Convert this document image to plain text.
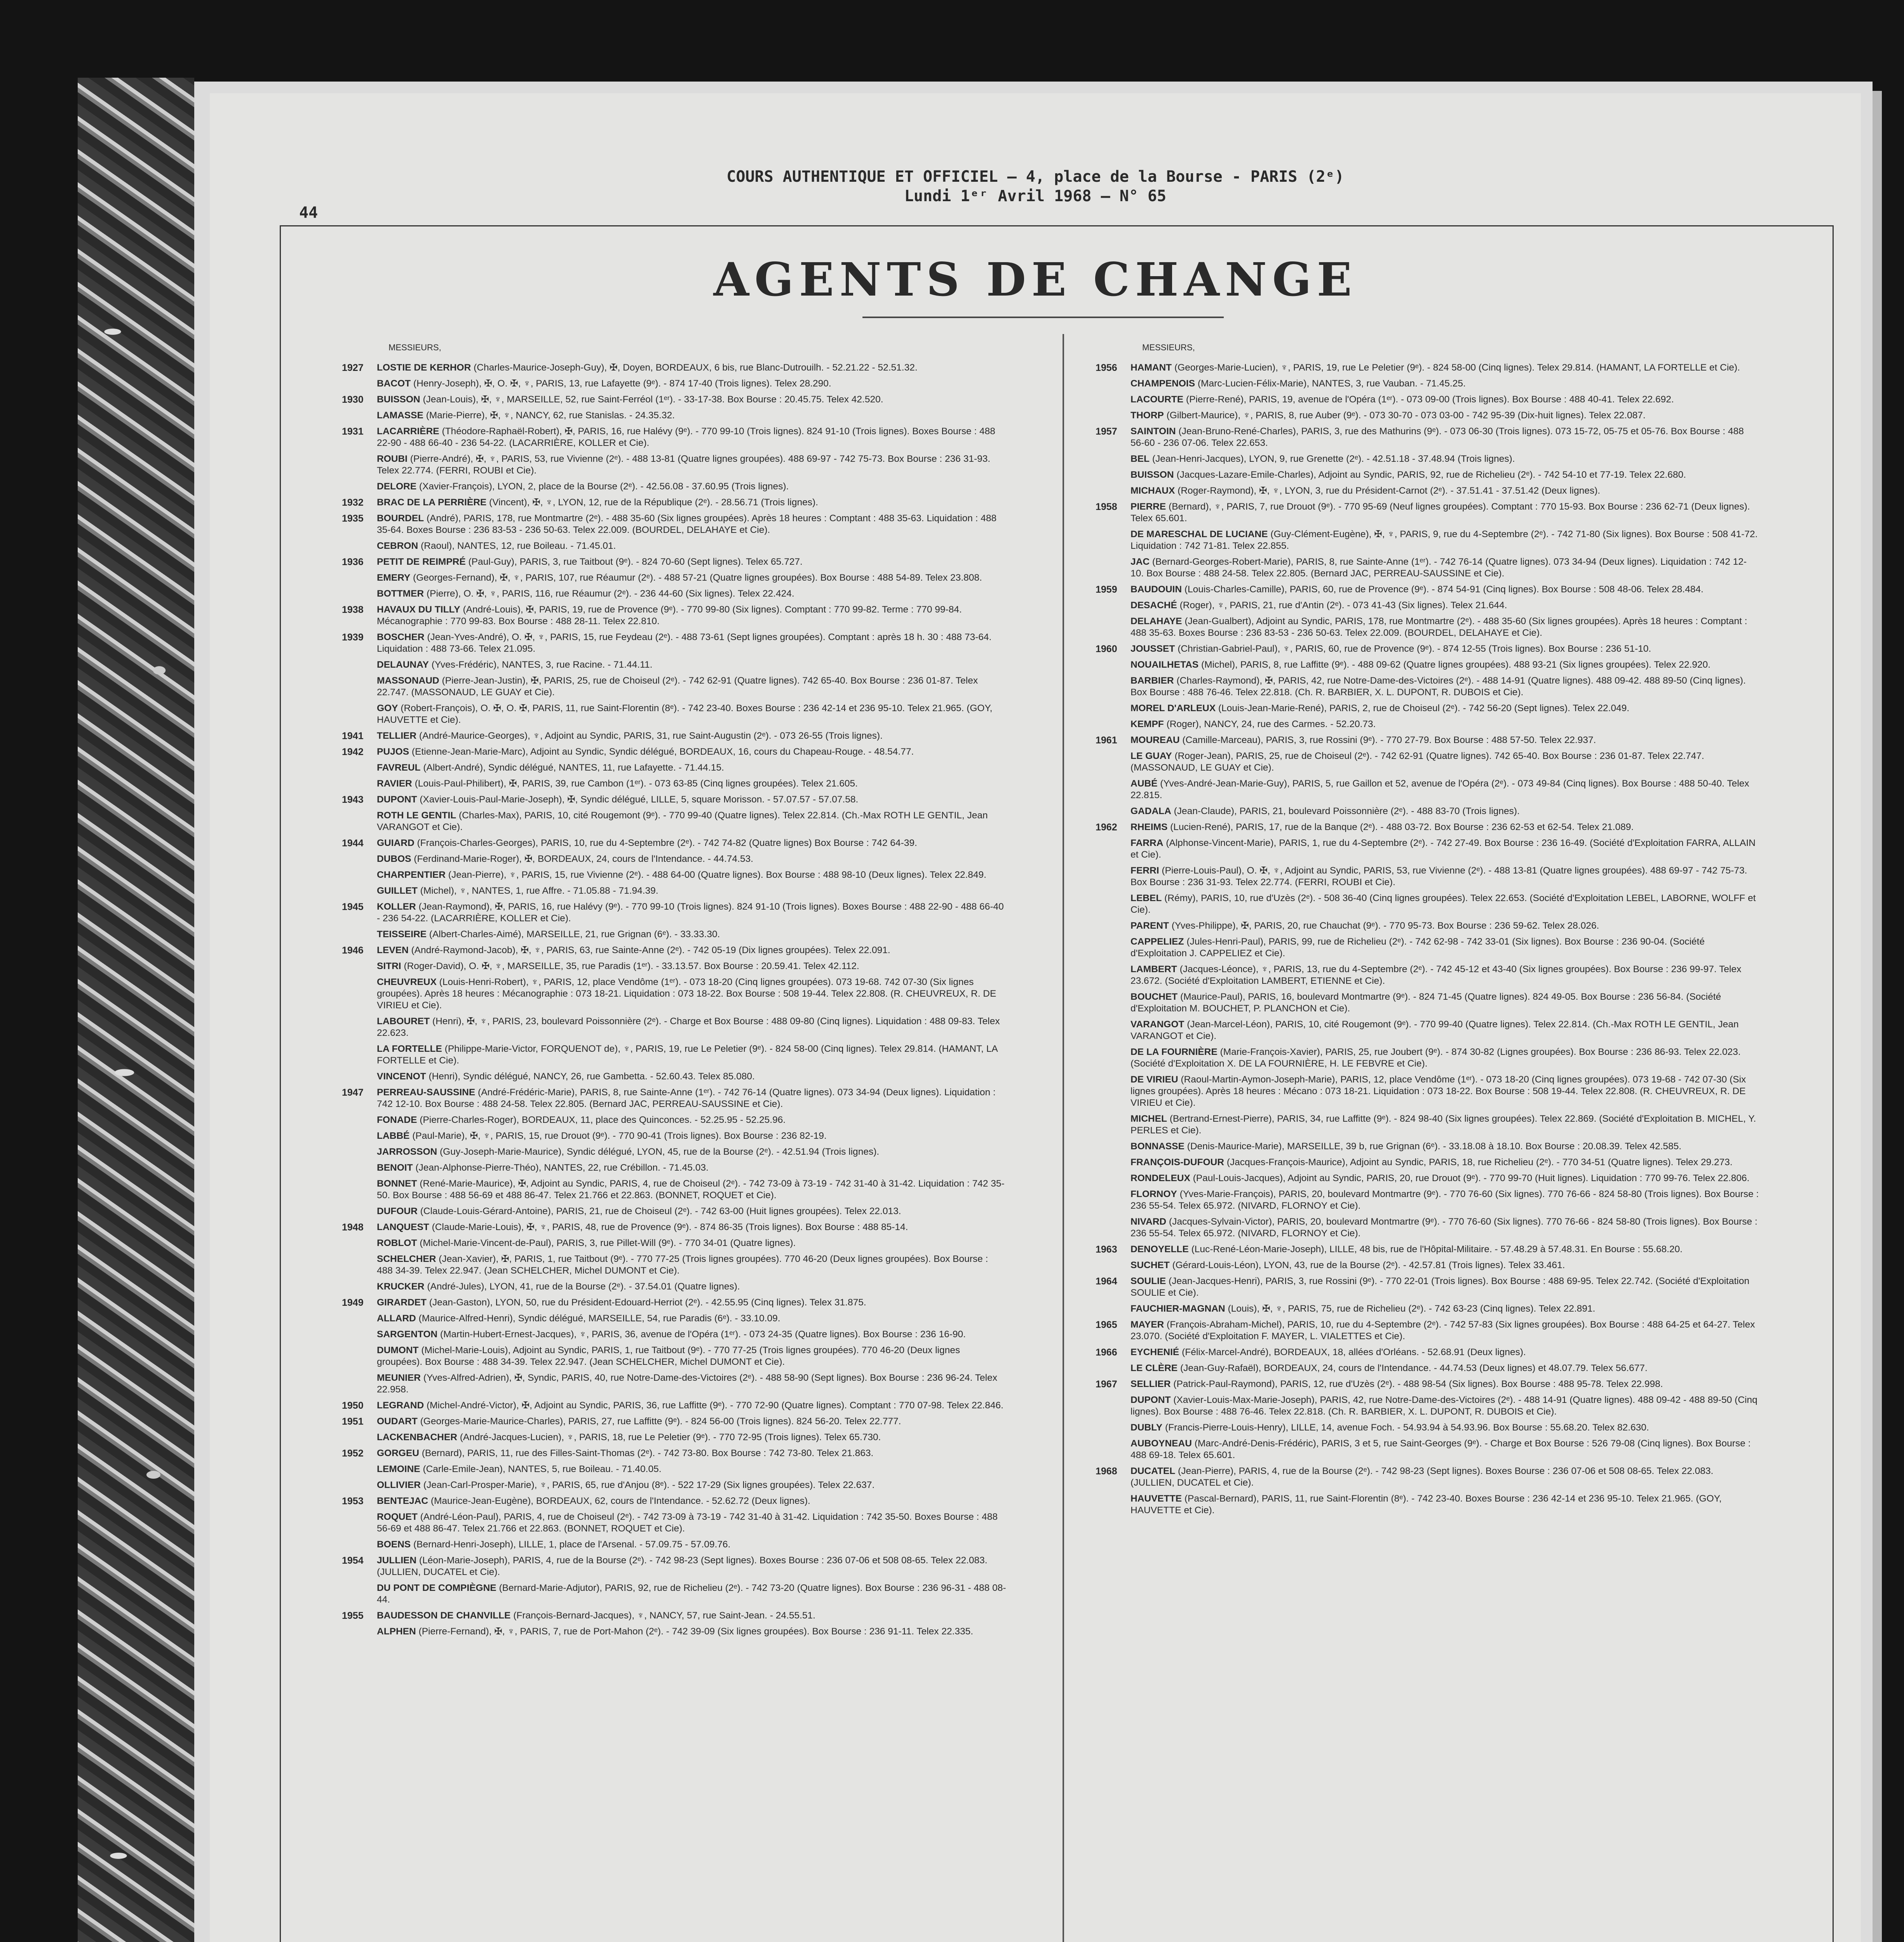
COURS AUTHENTIQUE ET OFFICIEL — 4, place de la Bourse - PARIS (2ᵉ)
Lundi 1ᵉʳ Avril 1968 — N° 65
44
AGENTS DE CHANGE
MESSIEURS,
1927 LOSTIE DE KERHOR (Charles-Maurice-Joseph-Guy), ✠, Doyen, BORDEAUX, 6 bis, rue Blanc-Dutrouilh. - 52.21.22 - 52.51.32.
BACOT (Henry-Joseph), ✠, O. ✠, ♆, PARIS, 13, rue Lafayette (9ᵉ). - 874 17-40 (Trois lignes). Telex 28.290.
1930 BUISSON (Jean-Louis), ✠, ♆, MARSEILLE, 52, rue Saint-Ferréol (1ᵉʳ). - 33-17-38. Box Bourse : 20.45.75. Telex 42.520.
LAMASSE (Marie-Pierre), ✠, ♆, NANCY, 62, rue Stanislas. - 24.35.32.
1931 LACARRIÈRE (Théodore-Raphaël-Robert), ✠, PARIS, 16, rue Halévy (9ᵉ). - 770 99-10 (Trois lignes). 824 91-10 (Trois lignes). Boxes Bourse : 488 22-90 - 488 66-40 - 236 54-22. (LACARRIÈRE, KOLLER et Cie).
ROUBI (Pierre-André), ✠, ♆, PARIS, 53, rue Vivienne (2ᵉ). - 488 13-81 (Quatre lignes groupées). 488 69-97 - 742 75-73. Box Bourse : 236 31-93. Telex 22.774. (FERRI, ROUBI et Cie).
DELORE (Xavier-François), LYON, 2, place de la Bourse (2ᵉ). - 42.56.08 - 37.60.95 (Trois lignes).
1932 BRAC DE LA PERRIÈRE (Vincent), ✠, ♆, LYON, 12, rue de la République (2ᵉ). - 28.56.71 (Trois lignes).
1935 BOURDEL (André), PARIS, 178, rue Montmartre (2ᵉ). - 488 35-60 (Six lignes groupées). Après 18 heures : Comptant : 488 35-63. Liquidation : 488 35-64. Boxes Bourse : 236 83-53 - 236 50-63. Telex 22.009. (BOURDEL, DELAHAYE et Cie).
CEBRON (Raoul), NANTES, 12, rue Boileau. - 71.45.01.
1936 PETIT DE REIMPRÉ (Paul-Guy), PARIS, 3, rue Taitbout (9ᵉ). - 824 70-60 (Sept lignes). Telex 65.727.
EMERY (Georges-Fernand), ✠, ♆, PARIS, 107, rue Réaumur (2ᵉ). - 488 57-21 (Quatre lignes groupées). Box Bourse : 488 54-89. Telex 23.808.
BOTTMER (Pierre), O. ✠, ♆, PARIS, 116, rue Réaumur (2ᵉ). - 236 44-60 (Six lignes). Telex 22.424.
1938 HAVAUX DU TILLY (André-Louis), ✠, PARIS, 19, rue de Provence (9ᵉ). - 770 99-80 (Six lignes). Comptant : 770 99-82. Terme : 770 99-84. Mécanographie : 770 99-83. Box Bourse : 488 28-11. Telex 22.810.
1939 BOSCHER (Jean-Yves-André), O. ✠, ♆, PARIS, 15, rue Feydeau (2ᵉ). - 488 73-61 (Sept lignes groupées). Comptant : après 18 h. 30 : 488 73-64. Liquidation : 488 73-66. Telex 21.095.
DELAUNAY (Yves-Frédéric), NANTES, 3, rue Racine. - 71.44.11.
MASSONAUD (Pierre-Jean-Justin), ✠, PARIS, 25, rue de Choiseul (2ᵉ). - 742 62-91 (Quatre lignes). 742 65-40. Box Bourse : 236 01-87. Telex 22.747. (MASSONAUD, LE GUAY et Cie).
GOY (Robert-François), O. ✠, O. ✠, PARIS, 11, rue Saint-Florentin (8ᵉ). - 742 23-40. Boxes Bourse : 236 42-14 et 236 95-10. Telex 21.965. (GOY, HAUVETTE et Cie).
1941 TELLIER (André-Maurice-Georges), ♆, Adjoint au Syndic, PARIS, 31, rue Saint-Augustin (2ᵉ). - 073 26-55 (Trois lignes).
1942 PUJOS (Etienne-Jean-Marie-Marc), Adjoint au Syndic, Syndic délégué, BORDEAUX, 16, cours du Chapeau-Rouge. - 48.54.77.
FAVREUL (Albert-André), Syndic délégué, NANTES, 11, rue Lafayette. - 71.44.15.
RAVIER (Louis-Paul-Philibert), ✠, PARIS, 39, rue Cambon (1ᵉʳ). - 073 63-85 (Cinq lignes groupées). Telex 21.605.
1943 DUPONT (Xavier-Louis-Paul-Marie-Joseph), ✠, Syndic délégué, LILLE, 5, square Morisson. - 57.07.57 - 57.07.58.
ROTH LE GENTIL (Charles-Max), PARIS, 10, cité Rougemont (9ᵉ). - 770 99-40 (Quatre lignes). Telex 22.814. (Ch.-Max ROTH LE GENTIL, Jean VARANGOT et Cie).
1944 GUIARD (François-Charles-Georges), PARIS, 10, rue du 4-Septembre (2ᵉ). - 742 74-82 (Quatre lignes) Box Bourse : 742 64-39.
DUBOS (Ferdinand-Marie-Roger), ✠, BORDEAUX, 24, cours de l'Intendance. - 44.74.53.
CHARPENTIER (Jean-Pierre), ♆, PARIS, 15, rue Vivienne (2ᵉ). - 488 64-00 (Quatre lignes). Box Bourse : 488 98-10 (Deux lignes). Telex 22.849.
GUILLET (Michel), ♆, NANTES, 1, rue Affre. - 71.05.88 - 71.94.39.
1945 KOLLER (Jean-Raymond), ✠, PARIS, 16, rue Halévy (9ᵉ). - 770 99-10 (Trois lignes). 824 91-10 (Trois lignes). Boxes Bourse : 488 22-90 - 488 66-40 - 236 54-22. (LACARRIÈRE, KOLLER et Cie).
TEISSEIRE (Albert-Charles-Aimé), MARSEILLE, 21, rue Grignan (6ᵉ). - 33.33.30.
1946 LEVEN (André-Raymond-Jacob), ✠, ♆, PARIS, 63, rue Sainte-Anne (2ᵉ). - 742 05-19 (Dix lignes groupées). Telex 22.091.
SITRI (Roger-David), O. ✠, ♆, MARSEILLE, 35, rue Paradis (1ᵉʳ). - 33.13.57. Box Bourse : 20.59.41. Telex 42.112.
CHEUVREUX (Louis-Henri-Robert), ♆, PARIS, 12, place Vendôme (1ᵉʳ). - 073 18-20 (Cinq lignes groupées). 073 19-68. 742 07-30 (Six lignes groupées). Après 18 heures : Mécanographie : 073 18-21. Liquidation : 073 18-22. Box Bourse : 508 19-44. Telex 22.808. (R. CHEUVREUX, R. DE VIRIEU et Cie).
LABOURET (Henri), ✠, ♆, PARIS, 23, boulevard Poissonnière (2ᵉ). - Charge et Box Bourse : 488 09-80 (Cinq lignes). Liquidation : 488 09-83. Telex 22.623.
LA FORTELLE (Philippe-Marie-Victor, FORQUENOT de), ♆, PARIS, 19, rue Le Peletier (9ᵉ). - 824 58-00 (Cinq lignes). Telex 29.814. (HAMANT, LA FORTELLE et Cie).
VINCENOT (Henri), Syndic délégué, NANCY, 26, rue Gambetta. - 52.60.43. Telex 85.080.
1947 PERREAU-SAUSSINE (André-Frédéric-Marie), PARIS, 8, rue Sainte-Anne (1ᵉʳ). - 742 76-14 (Quatre lignes). 073 34-94 (Deux lignes). Liquidation : 742 12-10. Box Bourse : 488 24-58. Telex 22.805. (Bernard JAC, PERREAU-SAUSSINE et Cie).
FONADE (Pierre-Charles-Roger), BORDEAUX, 11, place des Quinconces. - 52.25.95 - 52.25.96.
LABBÉ (Paul-Marie), ✠, ♆, PARIS, 15, rue Drouot (9ᵉ). - 770 90-41 (Trois lignes). Box Bourse : 236 82-19.
JARROSSON (Guy-Joseph-Marie-Maurice), Syndic délégué, LYON, 45, rue de la Bourse (2ᵉ). - 42.51.94 (Trois lignes).
BENOIT (Jean-Alphonse-Pierre-Théo), NANTES, 22, rue Crébillon. - 71.45.03.
BONNET (René-Marie-Maurice), ✠, Adjoint au Syndic, PARIS, 4, rue de Choiseul (2ᵉ). - 742 73-09 à 73-19 - 742 31-40 à 31-42. Liquidation : 742 35-50. Box Bourse : 488 56-69 et 488 86-47. Telex 21.766 et 22.863. (BONNET, ROQUET et Cie).
DUFOUR (Claude-Louis-Gérard-Antoine), PARIS, 21, rue de Choiseul (2ᵉ). - 742 63-00 (Huit lignes groupées). Telex 22.013.
1948 LANQUEST (Claude-Marie-Louis), ✠, ♆, PARIS, 48, rue de Provence (9ᵉ). - 874 86-35 (Trois lignes). Box Bourse : 488 85-14.
ROBLOT (Michel-Marie-Vincent-de-Paul), PARIS, 3, rue Pillet-Will (9ᵉ). - 770 34-01 (Quatre lignes).
SCHELCHER (Jean-Xavier), ✠, PARIS, 1, rue Taitbout (9ᵉ). - 770 77-25 (Trois lignes groupées). 770 46-20 (Deux lignes groupées). Box Bourse : 488 34-39. Telex 22.947. (Jean SCHELCHER, Michel DUMONT et Cie).
KRUCKER (André-Jules), LYON, 41, rue de la Bourse (2ᵉ). - 37.54.01 (Quatre lignes).
1949 GIRARDET (Jean-Gaston), LYON, 50, rue du Président-Edouard-Herriot (2ᵉ). - 42.55.95 (Cinq lignes). Telex 31.875.
ALLARD (Maurice-Alfred-Henri), Syndic délégué, MARSEILLE, 54, rue Paradis (6ᵉ). - 33.10.09.
SARGENTON (Martin-Hubert-Ernest-Jacques), ♆, PARIS, 36, avenue de l'Opéra (1ᵉʳ). - 073 24-35 (Quatre lignes). Box Bourse : 236 16-90.
DUMONT (Michel-Marie-Louis), Adjoint au Syndic, PARIS, 1, rue Taitbout (9ᵉ). - 770 77-25 (Trois lignes groupées). 770 46-20 (Deux lignes groupées). Box Bourse : 488 34-39. Telex 22.947. (Jean SCHELCHER, Michel DUMONT et Cie).
MEUNIER (Yves-Alfred-Adrien), ✠, Syndic, PARIS, 40, rue Notre-Dame-des-Victoires (2ᵉ). - 488 58-90 (Sept lignes). Box Bourse : 236 96-24. Telex 22.958.
1950 LEGRAND (Michel-André-Victor), ✠, Adjoint au Syndic, PARIS, 36, rue Laffitte (9ᵉ). - 770 72-90 (Quatre lignes). Comptant : 770 07-98. Telex 22.846.
1951 OUDART (Georges-Marie-Maurice-Charles), PARIS, 27, rue Laffitte (9ᵉ). - 824 56-00 (Trois lignes). 824 56-20. Telex 22.777.
LACKENBACHER (André-Jacques-Lucien), ♆, PARIS, 18, rue Le Peletier (9ᵉ). - 770 72-95 (Trois lignes). Telex 65.730.
1952 GORGEU (Bernard), PARIS, 11, rue des Filles-Saint-Thomas (2ᵉ). - 742 73-80. Box Bourse : 742 73-80. Telex 21.863.
LEMOINE (Carle-Emile-Jean), NANTES, 5, rue Boileau. - 71.40.05.
OLLIVIER (Jean-Carl-Prosper-Marie), ♆, PARIS, 65, rue d'Anjou (8ᵉ). - 522 17-29 (Six lignes groupées). Telex 22.637.
1953 BENTEJAC (Maurice-Jean-Eugène), BORDEAUX, 62, cours de l'Intendance. - 52.62.72 (Deux lignes).
ROQUET (André-Léon-Paul), PARIS, 4, rue de Choiseul (2ᵉ). - 742 73-09 à 73-19 - 742 31-40 à 31-42. Liquidation : 742 35-50. Boxes Bourse : 488 56-69 et 488 86-47. Telex 21.766 et 22.863. (BONNET, ROQUET et Cie).
BOENS (Bernard-Henri-Joseph), LILLE, 1, place de l'Arsenal. - 57.09.75 - 57.09.76.
1954 JULLIEN (Léon-Marie-Joseph), PARIS, 4, rue de la Bourse (2ᵉ). - 742 98-23 (Sept lignes). Boxes Bourse : 236 07-06 et 508 08-65. Telex 22.083. (JULLIEN, DUCATEL et Cie).
DU PONT DE COMPIÈGNE (Bernard-Marie-Adjutor), PARIS, 92, rue de Richelieu (2ᵉ). - 742 73-20 (Quatre lignes). Box Bourse : 236 96-31 - 488 08-44.
1955 BAUDESSON DE CHANVILLE (François-Bernard-Jacques), ♆, NANCY, 57, rue Saint-Jean. - 24.55.51.
ALPHEN (Pierre-Fernand), ✠, ♆, PARIS, 7, rue de Port-Mahon (2ᵉ). - 742 39-09 (Six lignes groupées). Box Bourse : 236 91-11. Telex 22.335.
MESSIEURS,
1956 HAMANT (Georges-Marie-Lucien), ♆, PARIS, 19, rue Le Peletier (9ᵉ). - 824 58-00 (Cinq lignes). Telex 29.814. (HAMANT, LA FORTELLE et Cie).
CHAMPENOIS (Marc-Lucien-Félix-Marie), NANTES, 3, rue Vauban. - 71.45.25.
LACOURTE (Pierre-René), PARIS, 19, avenue de l'Opéra (1ᵉʳ). - 073 09-00 (Trois lignes). Box Bourse : 488 40-41. Telex 22.692.
THORP (Gilbert-Maurice), ♆, PARIS, 8, rue Auber (9ᵉ). - 073 30-70 - 073 03-00 - 742 95-39 (Dix-huit lignes). Telex 22.087.
1957 SAINTOIN (Jean-Bruno-René-Charles), PARIS, 3, rue des Mathurins (9ᵉ). - 073 06-30 (Trois lignes). 073 15-72, 05-75 et 05-76. Box Bourse : 488 56-60 - 236 07-06. Telex 22.653.
BEL (Jean-Henri-Jacques), LYON, 9, rue Grenette (2ᵉ). - 42.51.18 - 37.48.94 (Trois lignes).
BUISSON (Jacques-Lazare-Emile-Charles), Adjoint au Syndic, PARIS, 92, rue de Richelieu (2ᵉ). - 742 54-10 et 77-19. Telex 22.680.
MICHAUX (Roger-Raymond), ✠, ♆, LYON, 3, rue du Président-Carnot (2ᵉ). - 37.51.41 - 37.51.42 (Deux lignes).
1958 PIERRE (Bernard), ♆, PARIS, 7, rue Drouot (9ᵉ). - 770 95-69 (Neuf lignes groupées). Comptant : 770 15-93. Box Bourse : 236 62-71 (Deux lignes). Telex 65.601.
DE MARESCHAL DE LUCIANE (Guy-Clément-Eugène), ✠, ♆, PARIS, 9, rue du 4-Septembre (2ᵉ). - 742 71-80 (Six lignes). Box Bourse : 508 41-72. Liquidation : 742 71-81. Telex 22.855.
JAC (Bernard-Georges-Robert-Marie), PARIS, 8, rue Sainte-Anne (1ᵉʳ). - 742 76-14 (Quatre lignes). 073 34-94 (Deux lignes). Liquidation : 742 12-10. Box Bourse : 488 24-58. Telex 22.805. (Bernard JAC, PERREAU-SAUSSINE et Cie).
1959 BAUDOUIN (Louis-Charles-Camille), PARIS, 60, rue de Provence (9ᵉ). - 874 54-91 (Cinq lignes). Box Bourse : 508 48-06. Telex 28.484.
DESACHÉ (Roger), ♆, PARIS, 21, rue d'Antin (2ᵉ). - 073 41-43 (Six lignes). Telex 21.644.
DELAHAYE (Jean-Gualbert), Adjoint au Syndic, PARIS, 178, rue Montmartre (2ᵉ). - 488 35-60 (Six lignes groupées). Après 18 heures : Comptant : 488 35-63. Boxes Bourse : 236 83-53 - 236 50-63. Telex 22.009. (BOURDEL, DELAHAYE et Cie).
1960 JOUSSET (Christian-Gabriel-Paul), ♆, PARIS, 60, rue de Provence (9ᵉ). - 874 12-55 (Trois lignes). Box Bourse : 236 51-10.
NOUAILHETAS (Michel), PARIS, 8, rue Laffitte (9ᵉ). - 488 09-62 (Quatre lignes groupées). 488 93-21 (Six lignes groupées). Telex 22.920.
BARBIER (Charles-Raymond), ✠, PARIS, 42, rue Notre-Dame-des-Victoires (2ᵉ). - 488 14-91 (Quatre lignes). 488 09-42. 488 89-50 (Cinq lignes). Box Bourse : 488 76-46. Telex 22.818. (Ch. R. BARBIER, X. L. DUPONT, R. DUBOIS et Cie).
MOREL D'ARLEUX (Louis-Jean-Marie-René), PARIS, 2, rue de Choiseul (2ᵉ). - 742 56-20 (Sept lignes). Telex 22.049.
KEMPF (Roger), NANCY, 24, rue des Carmes. - 52.20.73.
1961 MOUREAU (Camille-Marceau), PARIS, 3, rue Rossini (9ᵉ). - 770 27-79. Box Bourse : 488 57-50. Telex 22.937.
LE GUAY (Roger-Jean), PARIS, 25, rue de Choiseul (2ᵉ). - 742 62-91 (Quatre lignes). 742 65-40. Box Bourse : 236 01-87. Telex 22.747. (MASSONAUD, LE GUAY et Cie).
AUBÉ (Yves-André-Jean-Marie-Guy), PARIS, 5, rue Gaillon et 52, avenue de l'Opéra (2ᵉ). - 073 49-84 (Cinq lignes). Box Bourse : 488 50-40. Telex 22.815.
GADALA (Jean-Claude), PARIS, 21, boulevard Poissonnière (2ᵉ). - 488 83-70 (Trois lignes).
1962 RHEIMS (Lucien-René), PARIS, 17, rue de la Banque (2ᵉ). - 488 03-72. Box Bourse : 236 62-53 et 62-54. Telex 21.089.
FARRA (Alphonse-Vincent-Marie), PARIS, 1, rue du 4-Septembre (2ᵉ). - 742 27-49. Box Bourse : 236 16-49. (Société d'Exploitation FARRA, ALLAIN et Cie).
FERRI (Pierre-Louis-Paul), O. ✠, ♆, Adjoint au Syndic, PARIS, 53, rue Vivienne (2ᵉ). - 488 13-81 (Quatre lignes groupées). 488 69-97 - 742 75-73. Box Bourse : 236 31-93. Telex 22.774. (FERRI, ROUBI et Cie).
LEBEL (Rémy), PARIS, 10, rue d'Uzès (2ᵉ). - 508 36-40 (Cinq lignes groupées). Telex 22.653. (Société d'Exploitation LEBEL, LABORNE, WOLFF et Cie).
PARENT (Yves-Philippe), ✠, PARIS, 20, rue Chauchat (9ᵉ). - 770 95-73. Box Bourse : 236 59-62. Telex 28.026.
CAPPELIEZ (Jules-Henri-Paul), PARIS, 99, rue de Richelieu (2ᵉ). - 742 62-98 - 742 33-01 (Six lignes). Box Bourse : 236 90-04. (Société d'Exploitation J. CAPPELIEZ et Cie).
LAMBERT (Jacques-Léonce), ♆, PARIS, 13, rue du 4-Septembre (2ᵉ). - 742 45-12 et 43-40 (Six lignes groupées). Box Bourse : 236 99-97. Telex 23.672. (Société d'Exploitation LAMBERT, ETIENNE et Cie).
BOUCHET (Maurice-Paul), PARIS, 16, boulevard Montmartre (9ᵉ). - 824 71-45 (Quatre lignes). 824 49-05. Box Bourse : 236 56-84. (Société d'Exploitation M. BOUCHET, P. PLANCHON et Cie).
VARANGOT (Jean-Marcel-Léon), PARIS, 10, cité Rougemont (9ᵉ). - 770 99-40 (Quatre lignes). Telex 22.814. (Ch.-Max ROTH LE GENTIL, Jean VARANGOT et Cie).
DE LA FOURNIÈRE (Marie-François-Xavier), PARIS, 25, rue Joubert (9ᵉ). - 874 30-82 (Lignes groupées). Box Bourse : 236 86-93. Telex 22.023. (Société d'Exploitation X. DE LA FOURNIÈRE, H. LE FEBVRE et Cie).
DE VIRIEU (Raoul-Martin-Aymon-Joseph-Marie), PARIS, 12, place Vendôme (1ᵉʳ). - 073 18-20 (Cinq lignes groupées). 073 19-68 - 742 07-30 (Six lignes groupées). Après 18 heures : Mécano : 073 18-21. Liquidation : 073 18-22. Box Bourse : 508 19-44. Telex 22.808. (R. CHEUVREUX, R. DE VIRIEU et Cie).
MICHEL (Bertrand-Ernest-Pierre), PARIS, 34, rue Laffitte (9ᵉ). - 824 98-40 (Six lignes groupées). Telex 22.869. (Société d'Exploitation B. MICHEL, Y. PERLES et Cie).
BONNASSE (Denis-Maurice-Marie), MARSEILLE, 39 b, rue Grignan (6ᵉ). - 33.18.08 à 18.10. Box Bourse : 20.08.39. Telex 42.585.
FRANÇOIS-DUFOUR (Jacques-François-Maurice), Adjoint au Syndic, PARIS, 18, rue Richelieu (2ᵉ). - 770 34-51 (Quatre lignes). Telex 29.273.
RONDELEUX (Paul-Louis-Jacques), Adjoint au Syndic, PARIS, 20, rue Drouot (9ᵉ). - 770 99-70 (Huit lignes). Liquidation : 770 99-76. Telex 22.806.
FLORNOY (Yves-Marie-François), PARIS, 20, boulevard Montmartre (9ᵉ). - 770 76-60 (Six lignes). 770 76-66 - 824 58-80 (Trois lignes). Box Bourse : 236 55-54. Telex 65.972. (NIVARD, FLORNOY et Cie).
NIVARD (Jacques-Sylvain-Victor), PARIS, 20, boulevard Montmartre (9ᵉ). - 770 76-60 (Six lignes). 770 76-66 - 824 58-80 (Trois lignes). Box Bourse : 236 55-54. Telex 65.972. (NIVARD, FLORNOY et Cie).
1963 DENOYELLE (Luc-René-Léon-Marie-Joseph), LILLE, 48 bis, rue de l'Hôpital-Militaire. - 57.48.29 à 57.48.31. En Bourse : 55.68.20.
SUCHET (Gérard-Louis-Léon), LYON, 43, rue de la Bourse (2ᵉ). - 42.57.81 (Trois lignes). Telex 33.461.
1964 SOULIE (Jean-Jacques-Henri), PARIS, 3, rue Rossini (9ᵉ). - 770 22-01 (Trois lignes). Box Bourse : 488 69-95. Telex 22.742. (Société d'Exploitation SOULIE et Cie).
FAUCHIER-MAGNAN (Louis), ✠, ♆, PARIS, 75, rue de Richelieu (2ᵉ). - 742 63-23 (Cinq lignes). Telex 22.891.
1965 MAYER (François-Abraham-Michel), PARIS, 10, rue du 4-Septembre (2ᵉ). - 742 57-83 (Six lignes groupées). Box Bourse : 488 64-25 et 64-27. Telex 23.070. (Société d'Exploitation F. MAYER, L. VIALETTES et Cie).
1966 EYCHENIÉ (Félix-Marcel-André), BORDEAUX, 18, allées d'Orléans. - 52.68.91 (Deux lignes).
LE CLÈRE (Jean-Guy-Rafaël), BORDEAUX, 24, cours de l'Intendance. - 44.74.53 (Deux lignes) et 48.07.79. Telex 56.677.
1967 SELLIER (Patrick-Paul-Raymond), PARIS, 12, rue d'Uzès (2ᵉ). - 488 98-54 (Six lignes). Box Bourse : 488 95-78. Telex 22.998.
DUPONT (Xavier-Louis-Max-Marie-Joseph), PARIS, 42, rue Notre-Dame-des-Victoires (2ᵉ). - 488 14-91 (Quatre lignes). 488 09-42 - 488 89-50 (Cinq lignes). Box Bourse : 488 76-46. Telex 22.818. (Ch. R. BARBIER, X. L. DUPONT, R. DUBOIS et Cie).
DUBLY (Francis-Pierre-Louis-Henry), LILLE, 14, avenue Foch. - 54.93.94 à 54.93.96. Box Bourse : 55.68.20. Telex 82.630.
AUBOYNEAU (Marc-André-Denis-Frédéric), PARIS, 3 et 5, rue Saint-Georges (9ᵉ). - Charge et Box Bourse : 526 79-08 (Cinq lignes). Box Bourse : 488 69-18. Telex 65.601.
1968 DUCATEL (Jean-Pierre), PARIS, 4, rue de la Bourse (2ᵉ). - 742 98-23 (Sept lignes). Boxes Bourse : 236 07-06 et 508 08-65. Telex 22.083. (JULLIEN, DUCATEL et Cie).
HAUVETTE (Pascal-Bernard), PARIS, 11, rue Saint-Florentin (8ᵉ). - 742 23-40. Boxes Bourse : 236 42-14 et 236 95-10. Telex 21.965. (GOY, HAUVETTE et Cie).
